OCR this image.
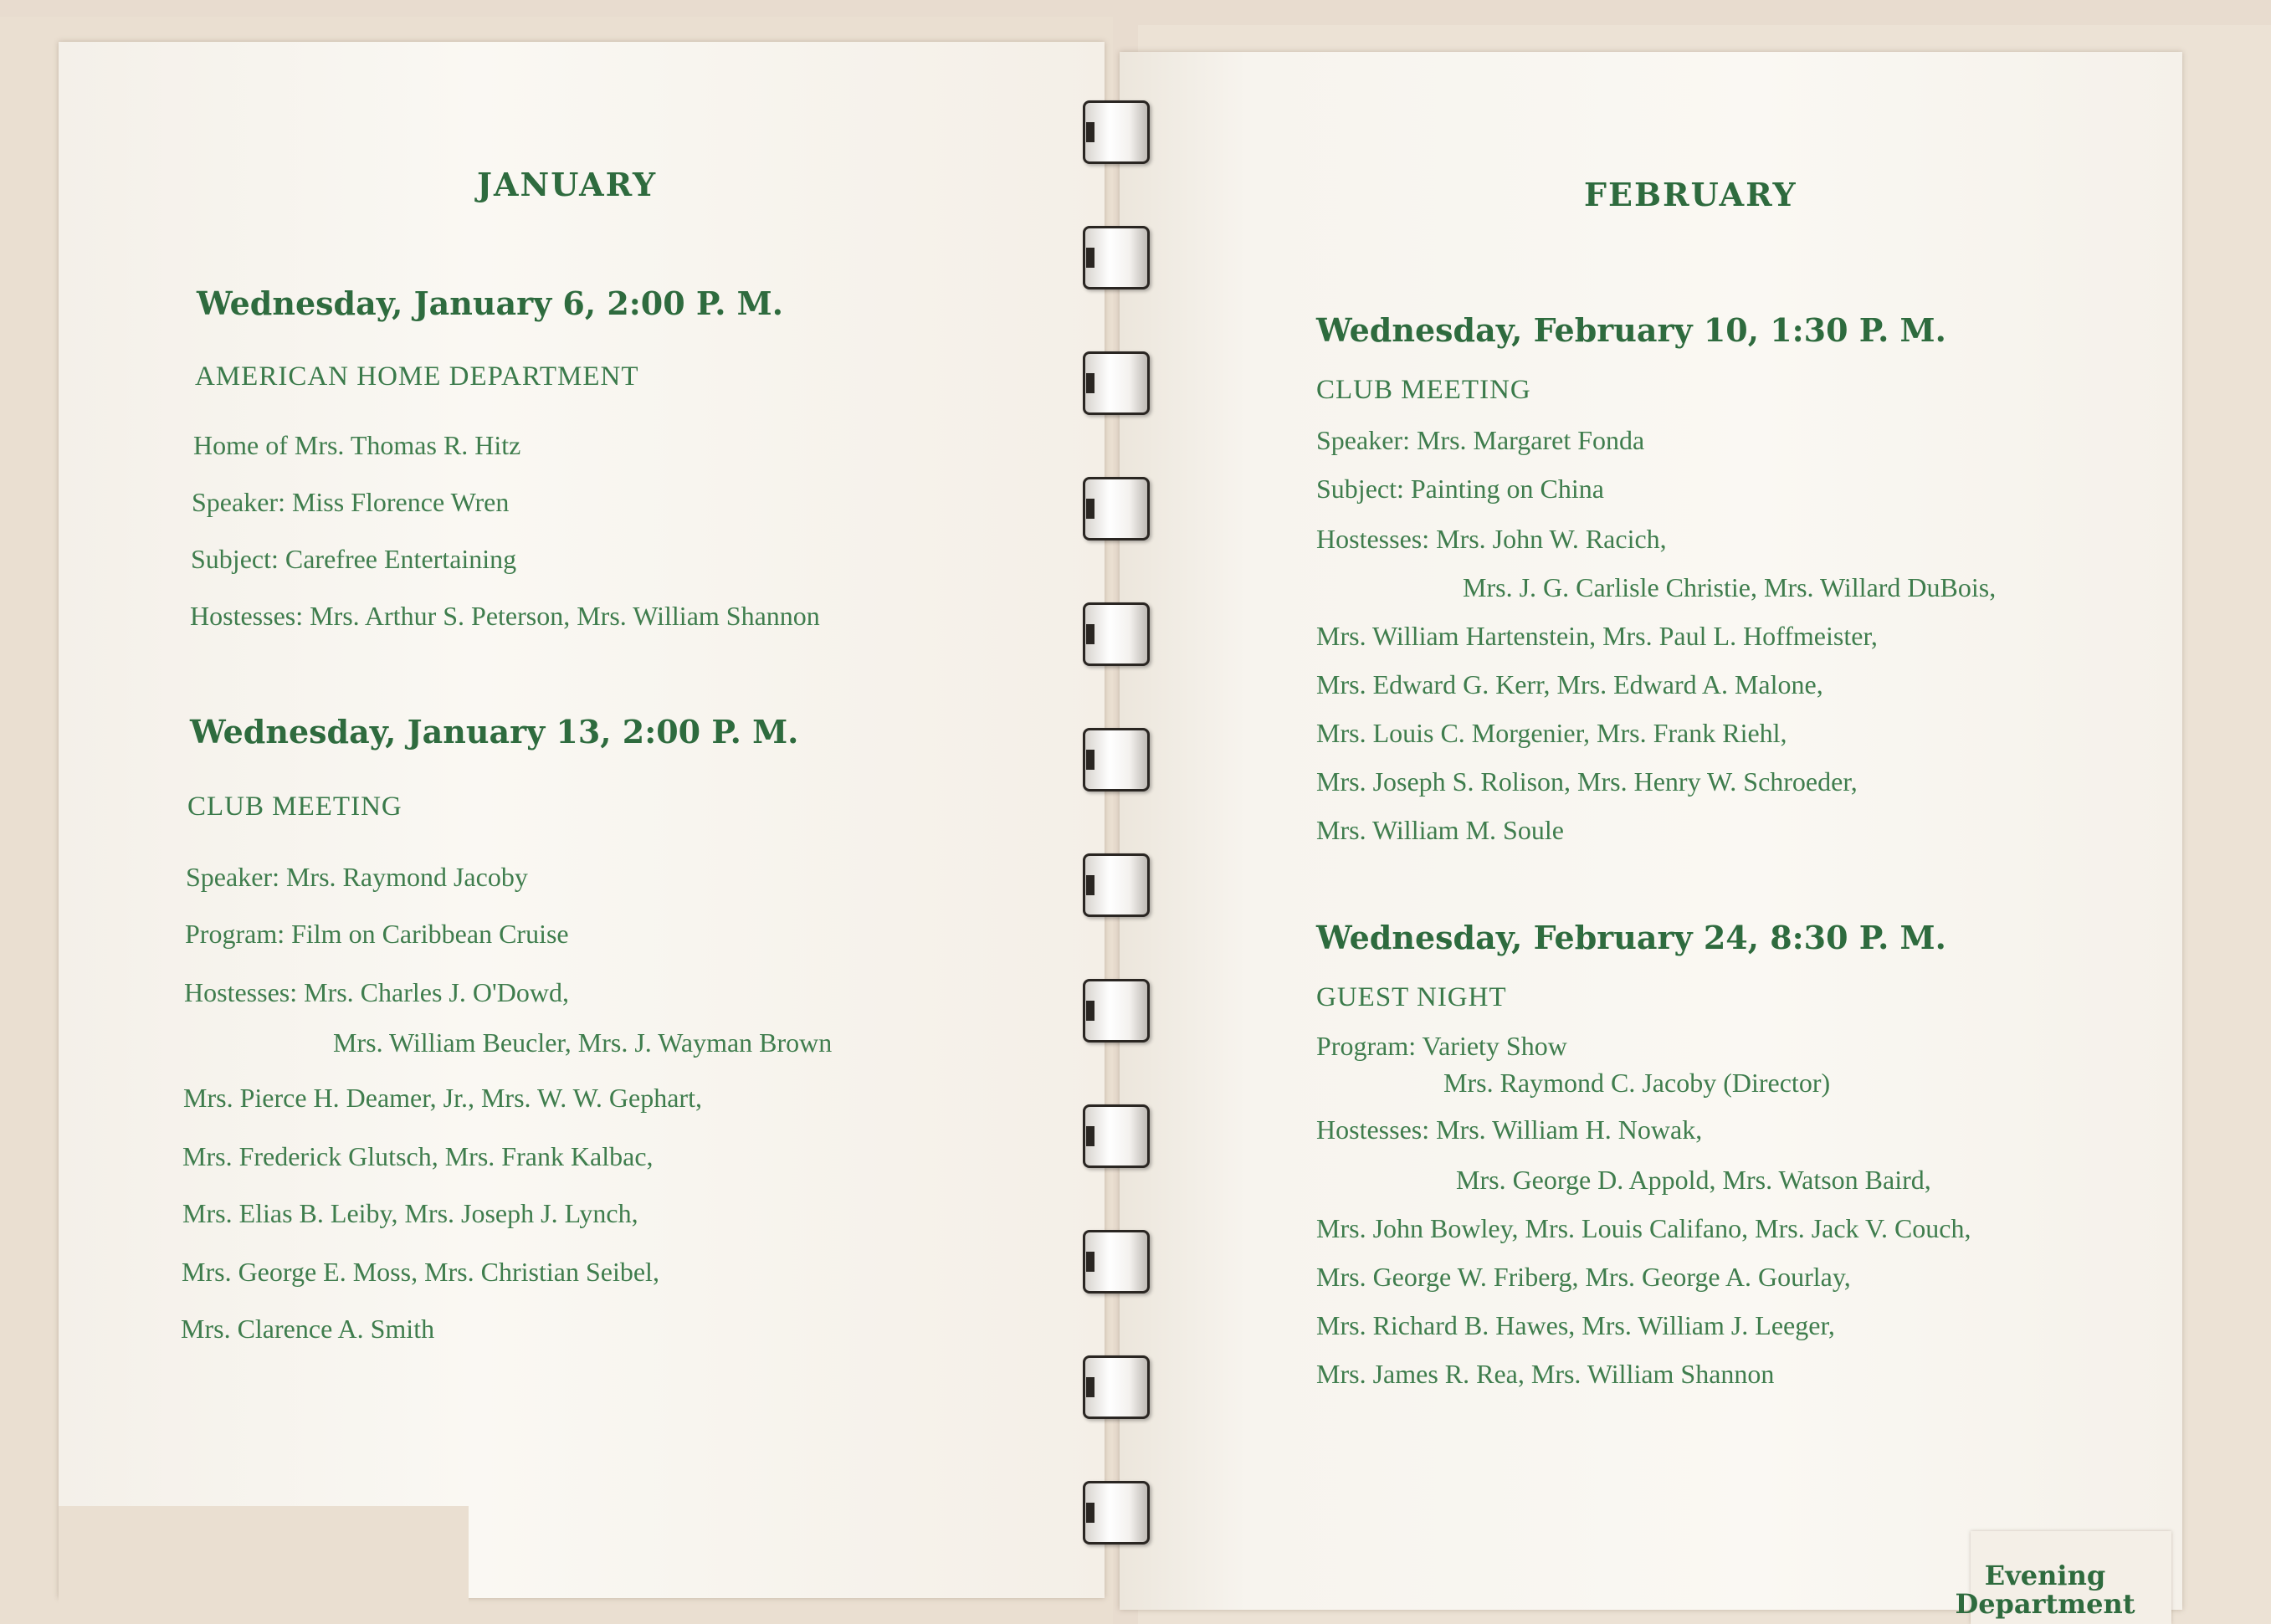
Evening
Department
JANUARY
Wednesday, January 6, 2:00 P. M.
AMERICAN HOME DEPARTMENT
Home of Mrs. Thomas R. Hitz
Speaker: Miss Florence Wren
Subject: Carefree Entertaining
Hostesses: Mrs. Arthur S. Peterson, Mrs. William Shannon
Wednesday, January 13, 2:00 P. M.
CLUB MEETING
Speaker: Mrs. Raymond Jacoby
Program: Film on Caribbean Cruise
Hostesses: Mrs. Charles J. O'Dowd,
Mrs. William Beucler, Mrs. J. Wayman Brown
Mrs. Pierce H. Deamer, Jr., Mrs. W. W. Gephart,
Mrs. Frederick Glutsch, Mrs. Frank Kalbac,
Mrs. Elias B. Leiby, Mrs. Joseph J. Lynch,
Mrs. George E. Moss, Mrs. Christian Seibel,
Mrs. Clarence A. Smith
FEBRUARY
Wednesday, February 10, 1:30 P. M.
CLUB MEETING
Speaker: Mrs. Margaret Fonda
Subject: Painting on China
Hostesses: Mrs. John W. Racich,
Mrs. J. G. Carlisle Christie, Mrs. Willard DuBois,
Mrs. William Hartenstein, Mrs. Paul L. Hoffmeister,
Mrs. Edward G. Kerr, Mrs. Edward A. Malone,
Mrs. Louis C. Morgenier, Mrs. Frank Riehl,
Mrs. Joseph S. Rolison, Mrs. Henry W. Schroeder,
Mrs. William M. Soule
Wednesday, February 24, 8:30 P. M.
GUEST NIGHT
Program: Variety Show
Mrs. Raymond C. Jacoby (Director)
Hostesses: Mrs. William H. Nowak,
Mrs. George D. Appold, Mrs. Watson Baird,
Mrs. John Bowley, Mrs. Louis Califano, Mrs. Jack V. Couch,
Mrs. George W. Friberg, Mrs. George A. Gourlay,
Mrs. Richard B. Hawes, Mrs. William J. Leeger,
Mrs. James R. Rea, Mrs. William Shannon
